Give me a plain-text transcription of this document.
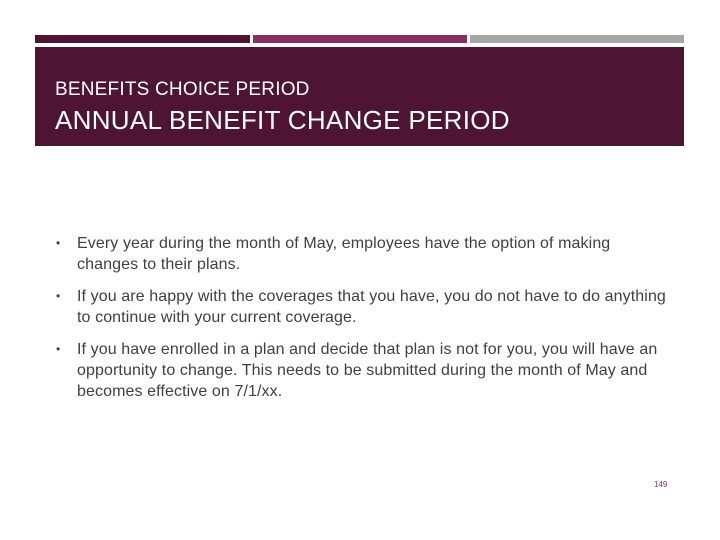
BENEFITS CHOICE PERIOD
ANNUAL BENEFIT CHANGE PERIOD
• Every year during the month of May, employees have the option of making changes to their plans.
• If you are happy with the coverages that you have, you do not have to do anything to continue with your current coverage.
• If you have enrolled in a plan and decide that plan is not for you, you will have an opportunity to change. This needs to be submitted during the month of May and becomes effective on 7/1/xx.
149
